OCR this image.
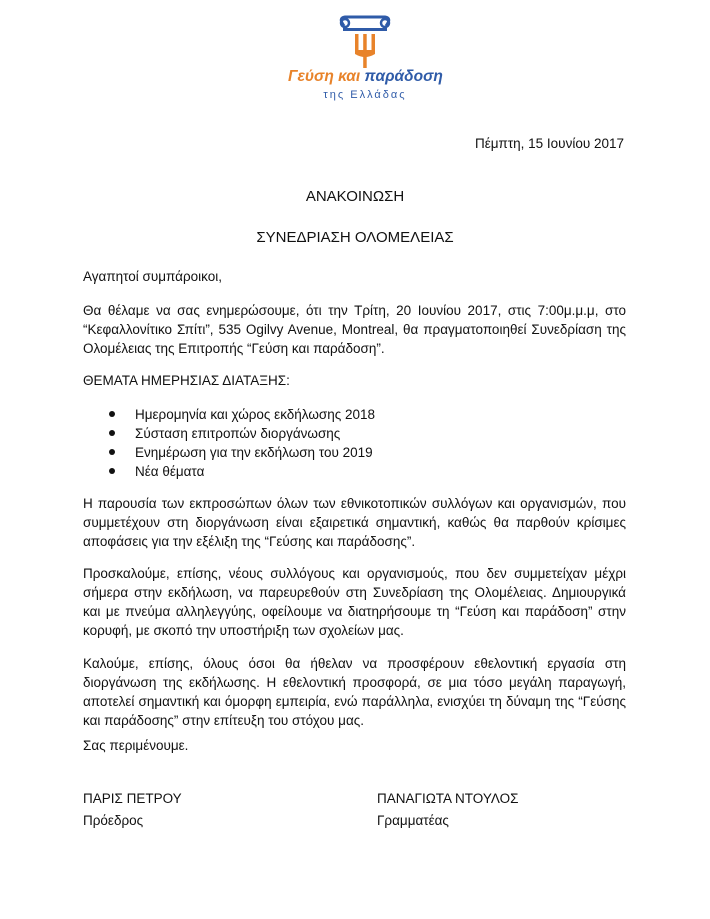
Γεύση και παράδοση
της Ελλάδας
Πέμπτη, 15 Ιουνίου 2017
ΑΝΑΚΟΙΝΩΣΗ
ΣΥΝΕΔΡΙΑΣΗ ΟΛΟΜΕΛΕΙΑΣ
Αγαπητοί συμπάροικοι,
Θα θέλαμε να σας ενημερώσουμε, ότι την Τρίτη, 20 Ιουνίου 2017, στις 7:00μ.μ.μ, στο “Κεφαλλονίτικο Σπίτι”, 535 Ogilvy Avenue, Montreal, θα πραγματοποιηθεί Συνεδρίαση της Ολομέλειας της Επιτροπής “Γεύση και παράδοση”.
ΘΕΜΑΤΑ ΗΜΕΡΗΣΙΑΣ ΔΙΑΤΑΞΗΣ:
Ημερομηνία και χώρος εκδήλωσης 2018
Σύσταση επιτροπών διοργάνωσης
Ενημέρωση για την εκδήλωση του 2019
Νέα θέματα
Η παρουσία των εκπροσώπων όλων των εθνικοτοπικών συλλόγων και οργανισμών, που συμμετέχουν στη διοργάνωση είναι εξαιρετικά σημαντική, καθώς θα παρθούν κρίσιμες αποφάσεις για την εξέλιξη της “Γεύσης και παράδοσης”.
Προσκαλούμε, επίσης, νέους συλλόγους και οργανισμούς, που δεν συμμετείχαν μέχρι σήμερα στην εκδήλωση, να παρευρεθούν στη Συνεδρίαση της Ολομέλειας. Δημιουργικά και με πνεύμα αλληλεγγύης, οφείλουμε να διατηρήσουμε τη “Γεύση και παράδοση” στην κορυφή, με σκοπό την υποστήριξη των σχολείων μας.
Καλούμε, επίσης, όλους όσοι θα ήθελαν να προσφέρουν εθελοντική εργασία στη διοργάνωση της εκδήλωσης. Η εθελοντική προσφορά, σε μια τόσο μεγάλη παραγωγή, αποτελεί σημαντική και όμορφη εμπειρία, ενώ παράλληλα, ενισχύει τη δύναμη της “Γεύσης και παράδοσης” στην επίτευξη του στόχου μας.
Σας περιμένουμε.
ΠΑΡΙΣ ΠΕΤΡΟΥ
Πρόεδρος
ΠΑΝΑΓΙΩΤΑ ΝΤΟΥΛΟΣ
Γραμματέας
